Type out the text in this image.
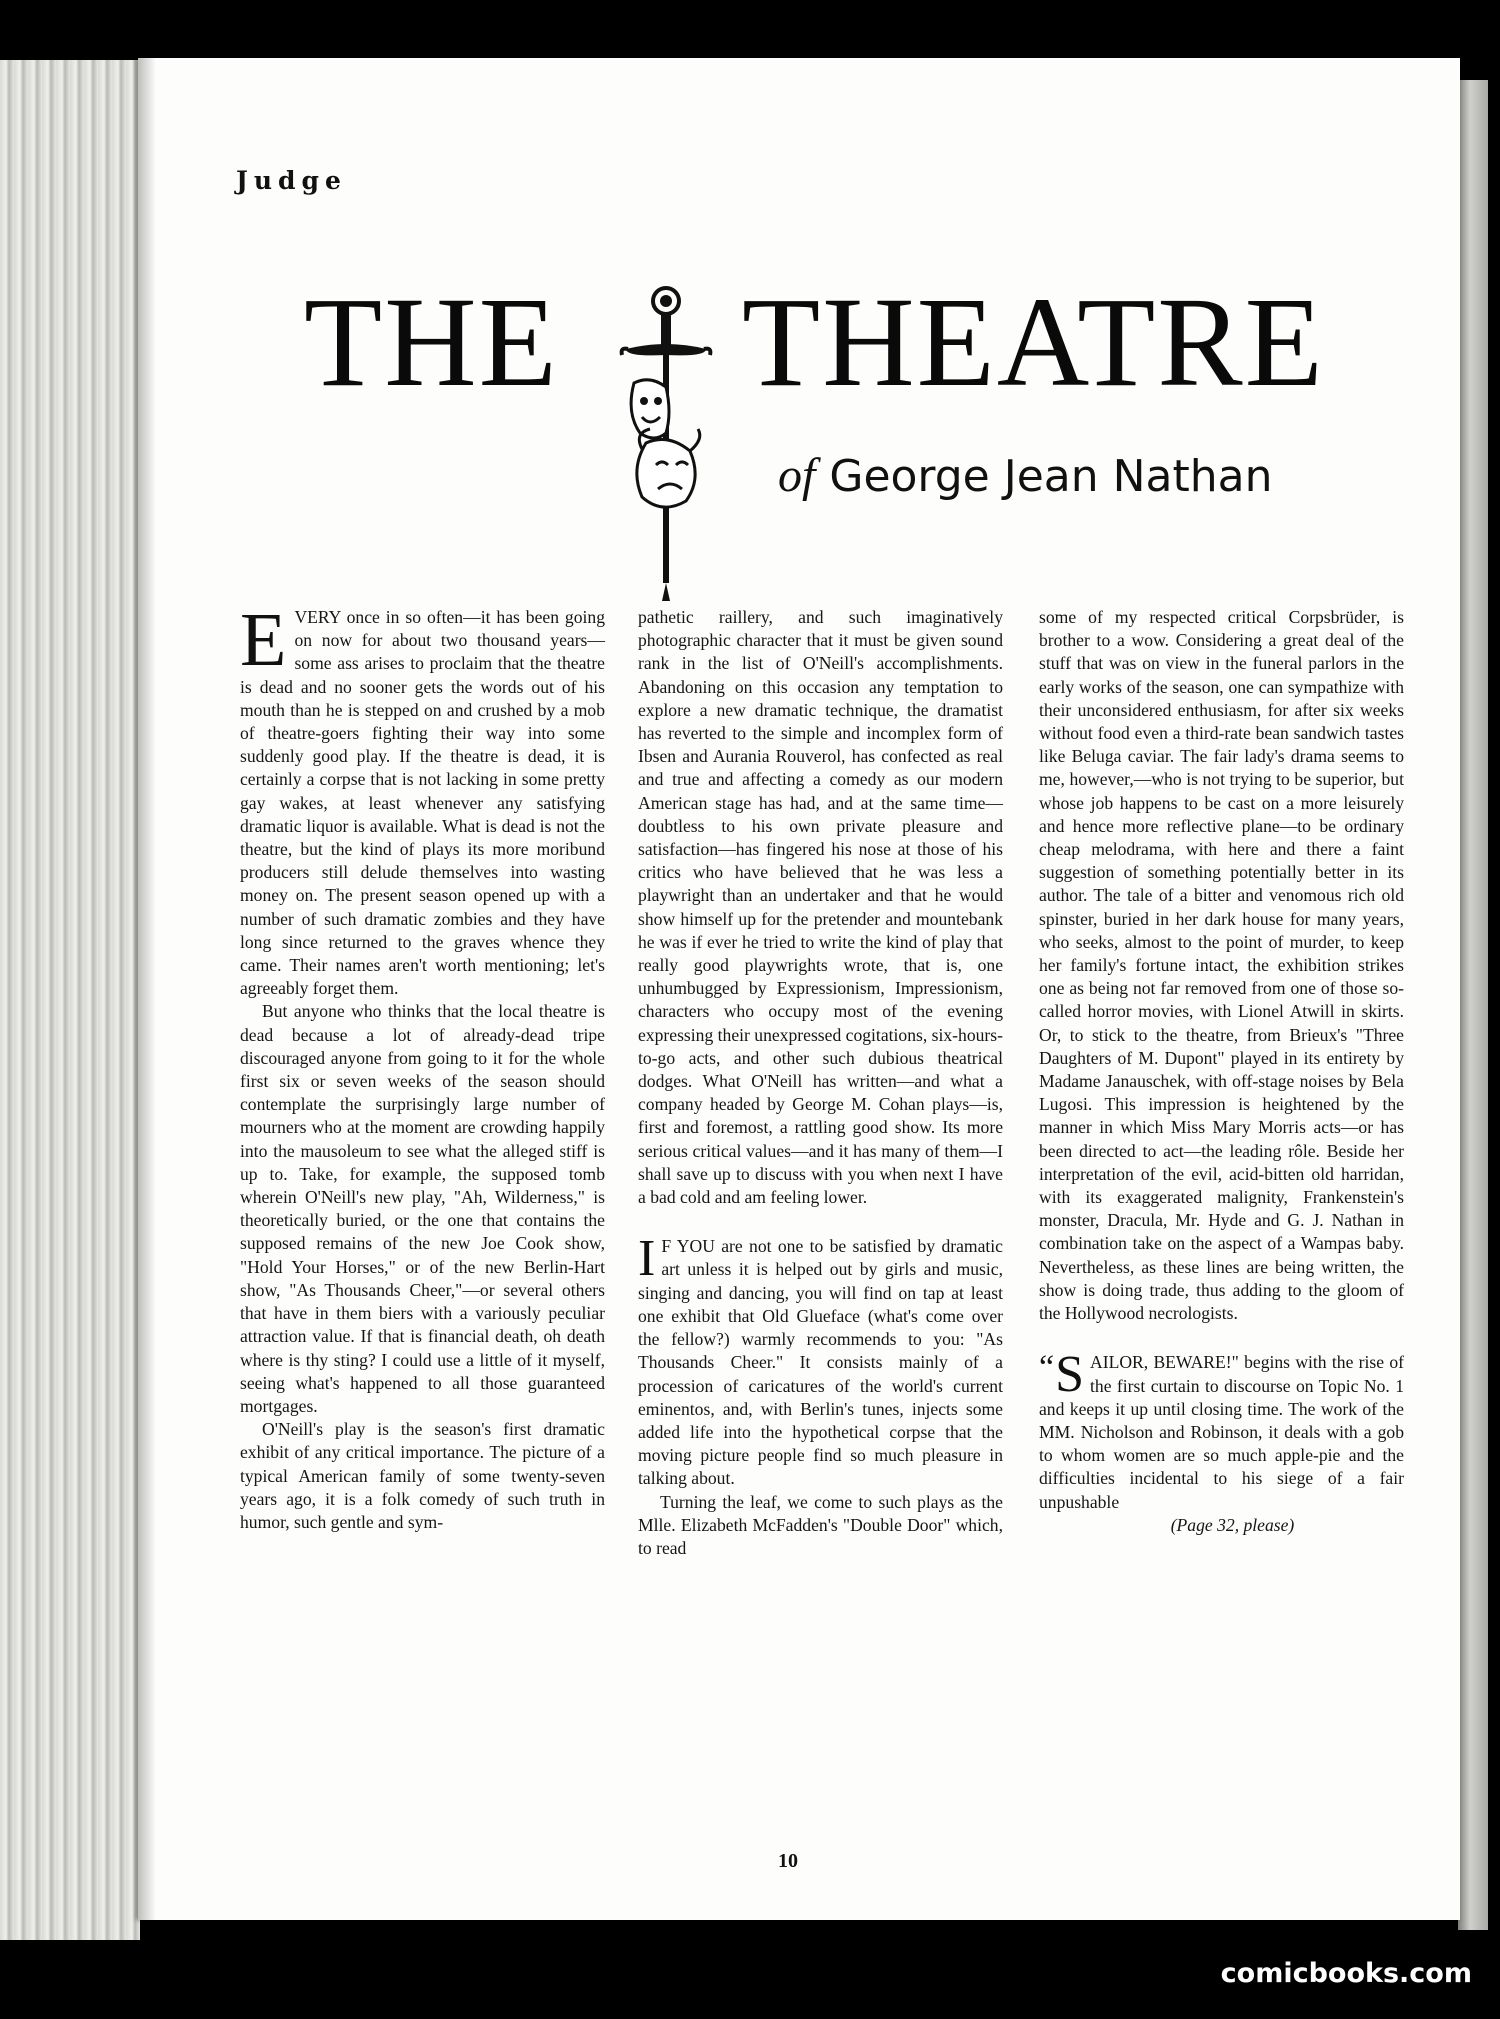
Judge
THE THEATRE
of George Jean Nathan

EVERY once in so often—it has been going on now for about two thousand years—some ass arises to proclaim that the theatre is dead and no sooner gets the words out of his mouth than he is stepped on and crushed by a mob of theatre-goers fighting their way into some suddenly good play. If the theatre is dead, it is certainly a corpse that is not lacking in some pretty gay wakes, at least whenever any satisfying dramatic liquor is available. What is dead is not the theatre, but the kind of plays its more moribund producers still delude themselves into wasting money on. The present season opened up with a number of such dramatic zombies and they have long since returned to the graves whence they came. Their names aren't worth mentioning; let's agreeably forget them.

But anyone who thinks that the local theatre is dead because a lot of already-dead tripe discouraged anyone from going to it for the whole first six or seven weeks of the season should contemplate the surprisingly large number of mourners who at the moment are crowding happily into the mausoleum to see what the alleged stiff is up to. Take, for example, the supposed tomb wherein O'Neill's new play, "Ah, Wilderness," is theoretically buried, or the one that contains the supposed remains of the new Joe Cook show, "Hold Your Horses," or of the new Berlin-Hart show, "As Thousands Cheer,"—or several others that have in them biers with a variously peculiar attraction value. If that is financial death, oh death where is thy sting? I could use a little of it myself, seeing what's happened to all those guaranteed mortgages.

O'Neill's play is the season's first dramatic exhibit of any critical importance. The picture of a typical American family of some twenty-seven years ago, it is a folk comedy of such truth in humor, such gentle and sym-

pathetic raillery, and such imaginatively photographic character that it must be given sound rank in the list of O'Neill's accomplishments. Abandoning on this occasion any temptation to explore a new dramatic technique, the dramatist has reverted to the simple and incomplex form of Ibsen and Aurania Rouverol, has confected as real and true and affecting a comedy as our modern American stage has had, and at the same time—doubtless to his own private pleasure and satisfaction—has fingered his nose at those of his critics who have believed that he was less a playwright than an undertaker and that he would show himself up for the pretender and mountebank he was if ever he tried to write the kind of play that really good playwrights wrote, that is, one unhumbugged by Expressionism, Impressionism, characters who occupy most of the evening expressing their unexpressed cogitations, six-hours-to-go acts, and other such dubious theatrical dodges. What O'Neill has written—and what a company headed by George M. Cohan plays—is, first and foremost, a rattling good show. Its more serious critical values—and it has many of them—I shall save up to discuss with you when next I have a bad cold and am feeling lower.

I F YOU are not one to be satisfied by dramatic art unless it is helped out by girls and music, singing and dancing, you will find on tap at least one exhibit that Old Glueface (what's come over the fellow?) warmly recommends to you: "As Thousands Cheer." It consists mainly of a procession of caricatures of the world's current eminentos, and, with Berlin's tunes, injects some added life into the hypothetical corpse that the moving picture people find so much pleasure in talking about.

Turning the leaf, we come to such plays as the Mlle. Elizabeth McFadden's "Double Door" which, to read

some of my respected critical Corpsbrüder, is brother to a wow. Considering a great deal of the stuff that was on view in the funeral parlors in the early works of the season, one can sympathize with their unconsidered enthusiasm, for after six weeks without food even a third-rate bean sandwich tastes like Beluga caviar. The fair lady's drama seems to me, however,—who is not trying to be superior, but whose job happens to be cast on a more leisurely and hence more reflective plane—to be ordinary cheap melodrama, with here and there a faint suggestion of something potentially better in its author. The tale of a bitter and venomous rich old spinster, buried in her dark house for many years, who seeks, almost to the point of murder, to keep her family's fortune intact, the exhibition strikes one as being not far removed from one of those so-called horror movies, with Lionel Atwill in skirts. Or, to stick to the theatre, from Brieux's "Three Daughters of M. Dupont" played in its entirety by Madame Janauschek, with off-stage noises by Bela Lugosi. This impression is heightened by the manner in which Miss Mary Morris acts—or has been directed to act—the leading rôle. Beside her interpretation of the evil, acid-bitten old harridan, with its exaggerated malignity, Frankenstein's monster, Dracula, Mr. Hyde and G. J. Nathan in combination take on the aspect of a Wampas baby. Nevertheless, as these lines are being written, the show is doing trade, thus adding to the gloom of the Hollywood necrologists.

“ S AILOR, BEWARE!" begins with the rise of the first curtain to discourse on Topic No. 1 and keeps it up until closing time. The work of the MM. Nicholson and Robinson, it deals with a gob to whom women are so much apple-pie and the difficulties incidental to his siege of a fair unpushable

(Page 32, please)

10
comicbooks.com
